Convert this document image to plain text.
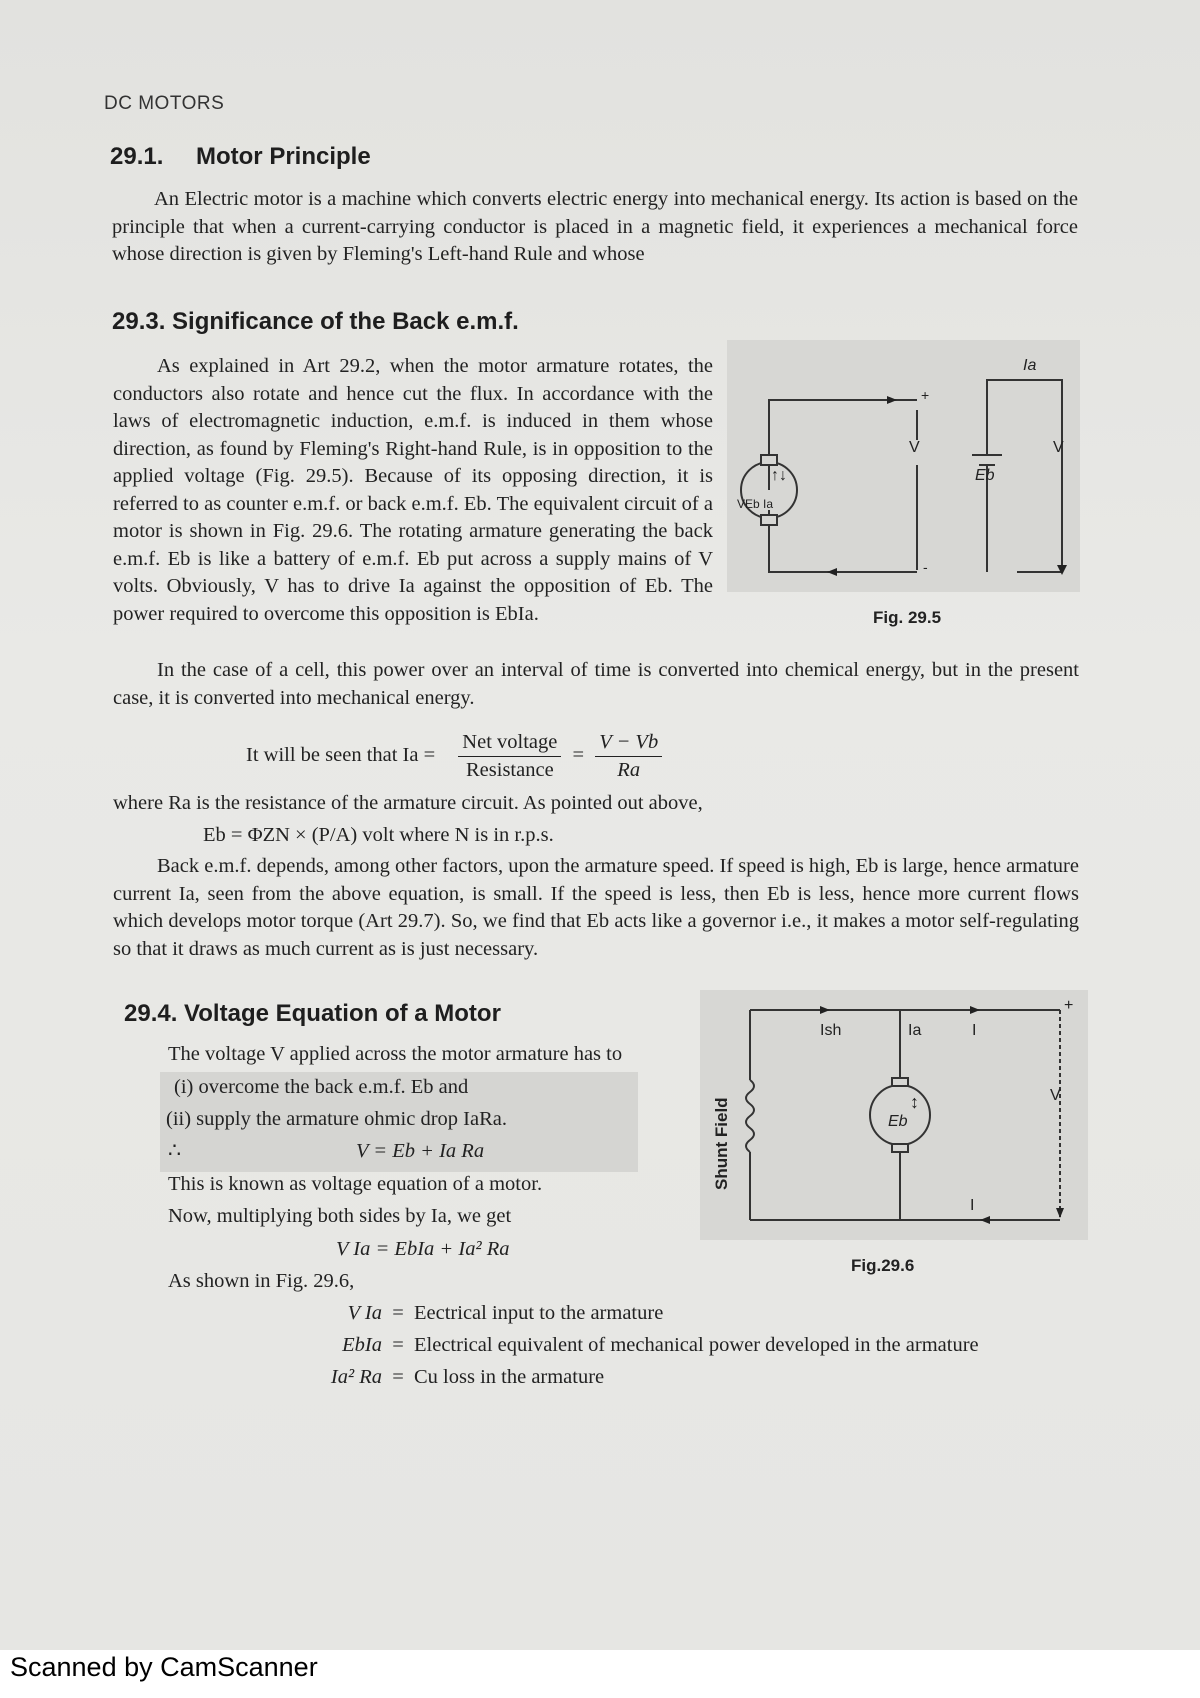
DC MOTORS
29.1. Motor Principle
An Electric motor is a machine which converts electric energy into mechanical energy. Its action is based on the principle that when a current-carrying conductor is placed in a magnetic field, it experiences a mechanical force whose direction is given by Fleming's Left-hand Rule and whose
29.3. Significance of the Back e.m.f.
As explained in Art 29.2, when the motor armature rotates, the conductors also rotate and hence cut the flux. In accordance with the laws of electromagnetic induction, e.m.f. is induced in them whose direction, as found by Fleming's Right-hand Rule, is in opposition to the applied voltage (Fig. 29.5). Because of its opposing direction, it is referred to as counter e.m.f. or back e.m.f. Eb. The equivalent circuit of a motor is shown in Fig. 29.6. The rotating armature generating the back e.m.f. Eb is like a battery of e.m.f. Eb put across a supply mains of V volts. Obviously, V has to drive Ia against the opposition of Eb. The power required to overcome this opposition is EbIa.
Ia
V	V
Eb
VEb Ia
+
-
↑↓
Fig. 29.5
In the case of a cell, this power over an interval of time is converted into chemical energy, but in the present case, it is converted into mechanical energy.
It will be seen that $Ia = \frac{\text{Net voltage}}{\text{Resistance}} = \frac{V - Vb}{Ra}$
where Ra is the resistance of the armature circuit. As pointed out above,
Eb = ΦZN × (P/A) volt where N is in r.p.s.
Back e.m.f. depends, among other factors, upon the armature speed. If speed is high, Eb is large, hence armature current Ia, seen from the above equation, is small. If the speed is less, then Eb is less, hence more current flows which develops motor torque (Art 29.7). So, we find that Eb acts like a governor i.e., it makes a motor self-regulating so that it draws as much current as is just necessary.
29.4. Voltage Equation of a Motor
The voltage V applied across the motor armature has to
(i) overcome the back e.m.f. Eb and
(ii) supply the armature ohmic drop IaRa.
∴	V = Eb + Ia Ra
This is known as voltage equation of a motor.
Now, multiplying both sides by Ia, we get
V Ia = EbIa + Ia² Ra
As shown in Fig. 29.6,
V Ia = Eectrical input to the armature
EbIa = Electrical equivalent of mechanical power developed in the armature
Ia² Ra = Cu loss in the armature
Ish	Ia	I
I
V
Eb
+
↕
Shunt Field
Fig.29.6
Scanned by CamScanner
